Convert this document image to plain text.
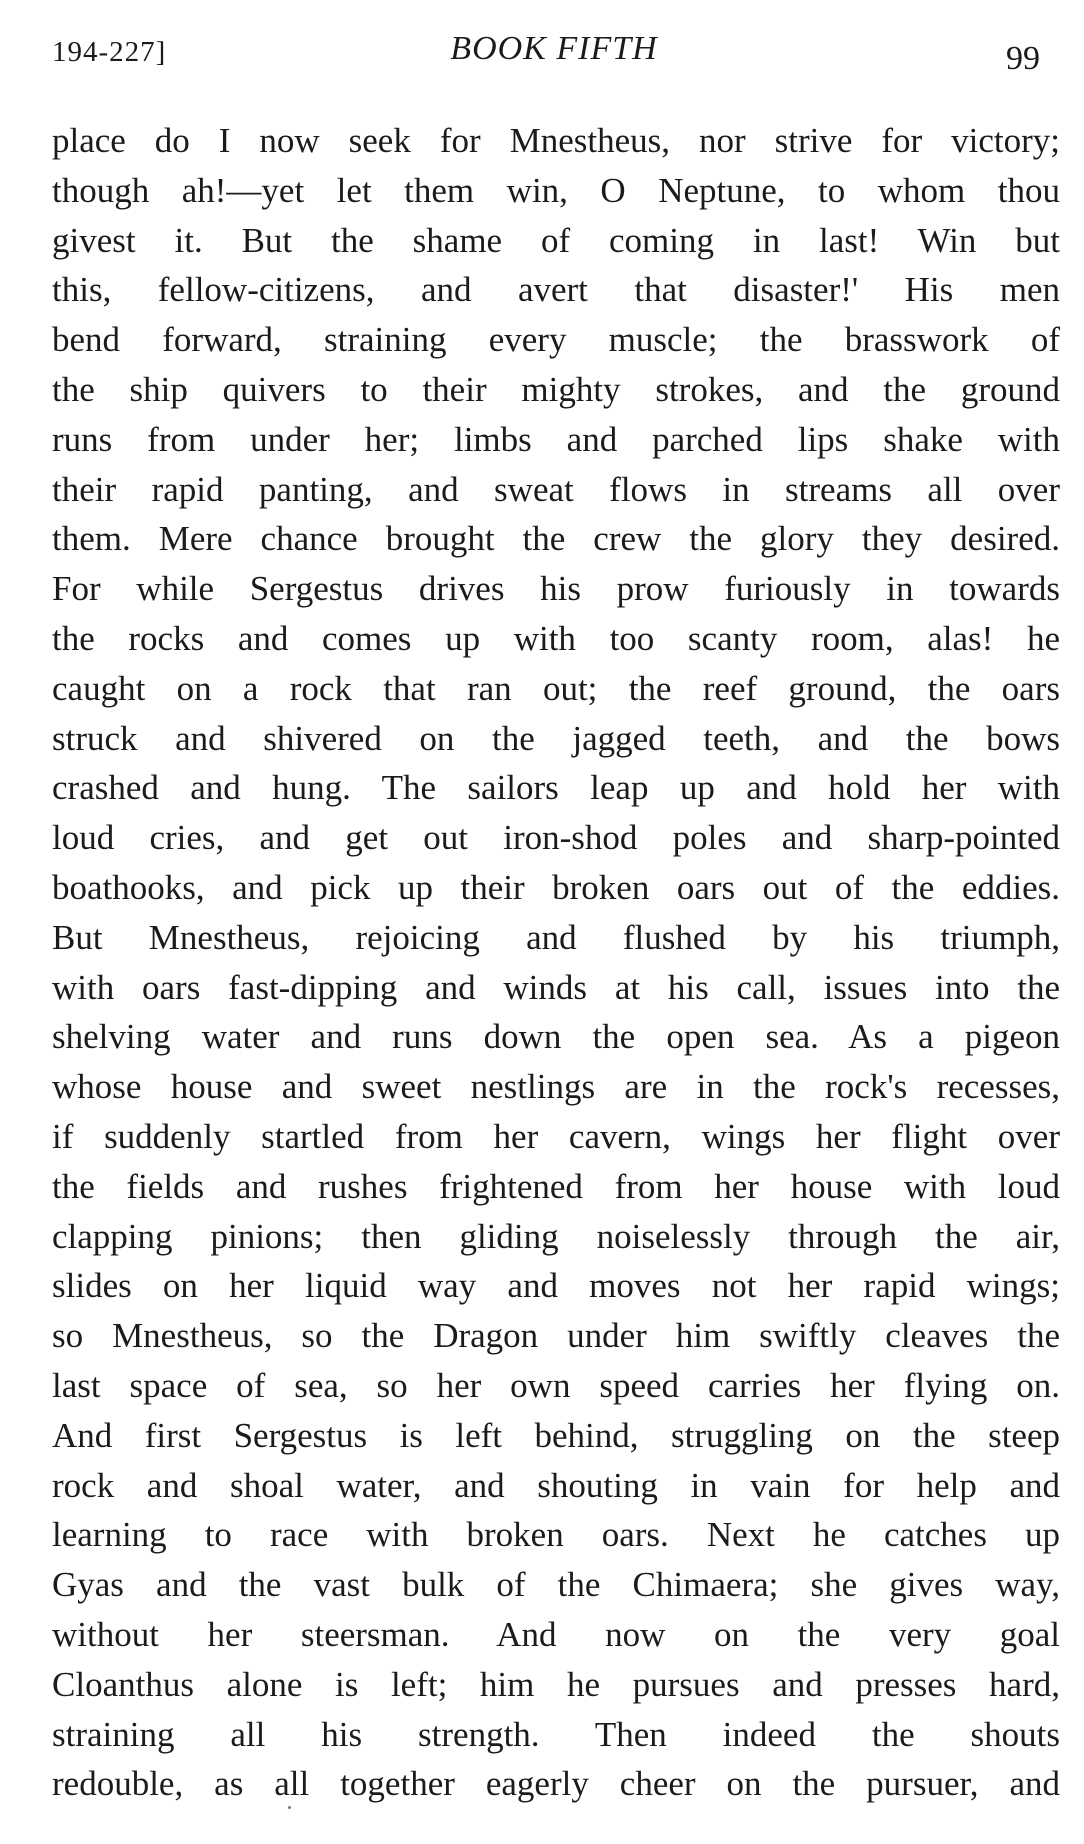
194-227]	BOOK FIFTH	99
place do I now seek for Mnestheus, nor strive for victory;
though ah!—yet let them win, O Neptune, to whom thou
givest it. But the shame of coming in last! Win but
this, fellow-citizens, and avert that disaster!' His men
bend forward, straining every muscle; the brasswork of
the ship quivers to their mighty strokes, and the ground
runs from under her; limbs and parched lips shake with
their rapid panting, and sweat flows in streams all over
them. Mere chance brought the crew the glory they desired.
For while Sergestus drives his prow furiously in towards
the rocks and comes up with too scanty room, alas! he
caught on a rock that ran out; the reef ground, the oars
struck and shivered on the jagged teeth, and the bows
crashed and hung. The sailors leap up and hold her with
loud cries, and get out iron-shod poles and sharp-pointed
boathooks, and pick up their broken oars out of the eddies.
But Mnestheus, rejoicing and flushed by his triumph,
with oars fast-dipping and winds at his call, issues into the
shelving water and runs down the open sea. As a pigeon
whose house and sweet nestlings are in the rock's recesses,
if suddenly startled from her cavern, wings her flight over
the fields and rushes frightened from her house with loud
clapping pinions; then gliding noiselessly through the air,
slides on her liquid way and moves not her rapid wings;
so Mnestheus, so the Dragon under him swiftly cleaves the
last space of sea, so her own speed carries her flying on.
And first Sergestus is left behind, struggling on the steep
rock and shoal water, and shouting in vain for help and
learning to race with broken oars. Next he catches up
Gyas and the vast bulk of the Chimaera; she gives way,
without her steersman. And now on the very goal
Cloanthus alone is left; him he pursues and presses hard,
straining all his strength. Then indeed the shouts
redouble, as all together eagerly cheer on the pursuer, and
